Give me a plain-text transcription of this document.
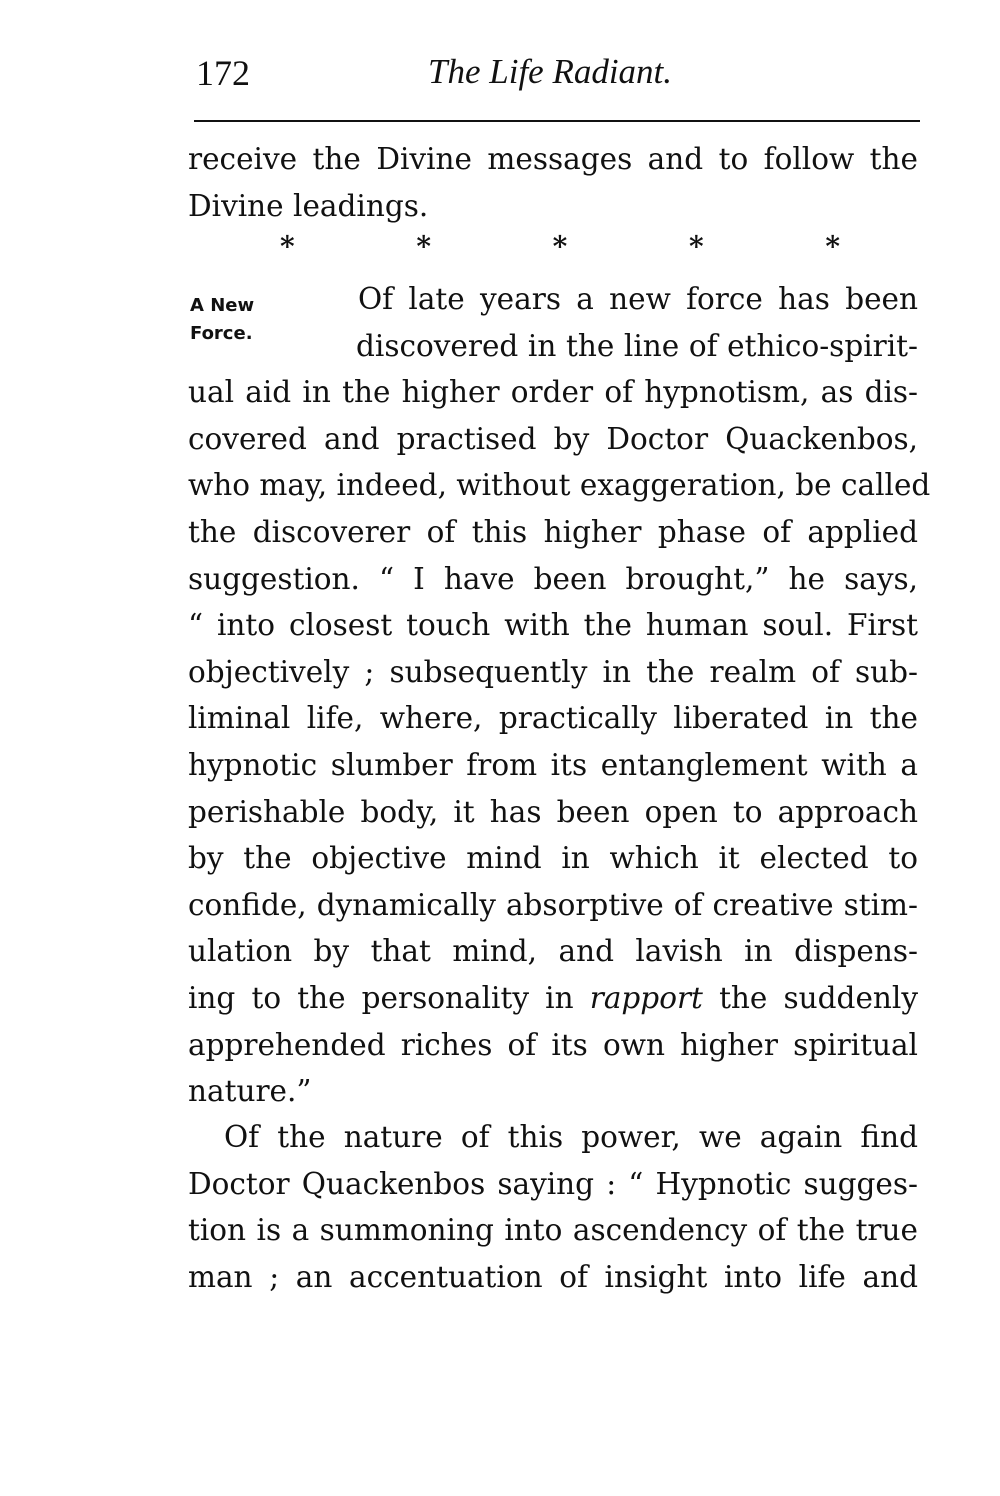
172	The Life Radiant.
receive the Divine messages and to follow the
Divine leadings.
*	*	*	*	*
A New
Force.
Of late years a new force has been
discovered in the line of ethico-spirit-
ual aid in the higher order of hypnotism, as dis-
covered and practised by Doctor Quackenbos,
who may, indeed, without exaggeration, be called
the discoverer of this higher phase of applied
suggestion. “ I have been brought,” he says,
“ into closest touch with the human soul. First
objectively ; subsequently in the realm of sub-
liminal life, where, practically liberated in the
hypnotic slumber from its entanglement with a
perishable body, it has been open to approach
by the objective mind in which it elected to
confide, dynamically absorptive of creative stim-
ulation by that mind, and lavish in dispens-
ing to the personality in rapport the suddenly
apprehended riches of its own higher spiritual
nature.”
Of the nature of this power, we again find
Doctor Quackenbos saying : “ Hypnotic sugges-
tion is a summoning into ascendency of the true
man ; an accentuation of insight into life and
